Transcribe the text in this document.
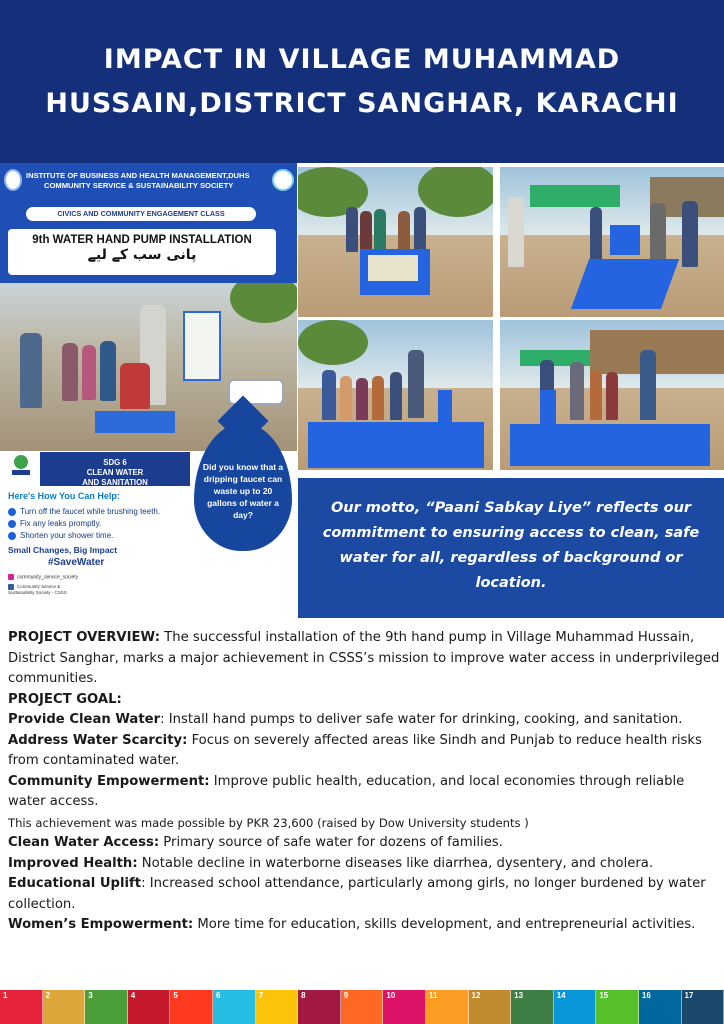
IMPACT IN VILLAGE MUHAMMAD HUSSAIN,DISTRICT SANGHAR, KARACHI
INSTITUTE OF BUSINESS AND HEALTH MANAGEMENT,DUHS
COMMUNITY SERVICE & SUSTAINABILITY SOCIETY
CIVICS AND COMMUNITY ENGAGEMENT CLASS
9th WATER HAND PUMP INSTALLATION
پانی سب کے لیے
Did you know that a dripping faucet can waste up to 20 gallons of water a day?
SDG 6
CLEAN WATER
AND SANITATION
Here's How You Can Help:
Turn off the faucet while brushing teeth.
Fix any leaks promptly.
Shorten your shower time.
Small Changes, Big Impact
#SaveWater
community_service_society
Community Service & Sustainability Society - CSSS
Our motto, “Paani Sabkay Liye” reflects our commitment to ensuring access to clean, safe water for all, regardless of background or location.

PROJECT OVERVIEW: The successful installation of the 9th hand pump in Village Muhammad Hussain, District Sanghar, marks a major achievement in CSSS’s mission to improve water access in underprivileged communities.

PROJECT GOAL:

Provide Clean Water: Install hand pumps to deliver safe water for drinking, cooking, and sanitation.

Address Water Scarcity: Focus on severely affected areas like Sindh and Punjab to reduce health risks from contaminated water.

Community Empowerment: Improve public health, education, and local economies through reliable water access.

This achievement was made possible by PKR 23,600 (raised by Dow University students )

Clean Water Access: Primary source of safe water for dozens of families.

Improved Health: Notable decline in waterborne diseases like diarrhea, dysentery, and cholera.

Educational Uplift: Increased school attendance, particularly among girls, no longer burdened by water collection.

Women’s Empowerment: More time for education, skills development, and entrepreneurial activities.

1	2	3	4	5	6	7	8	9	10	11	12	13	14	15	16	17
